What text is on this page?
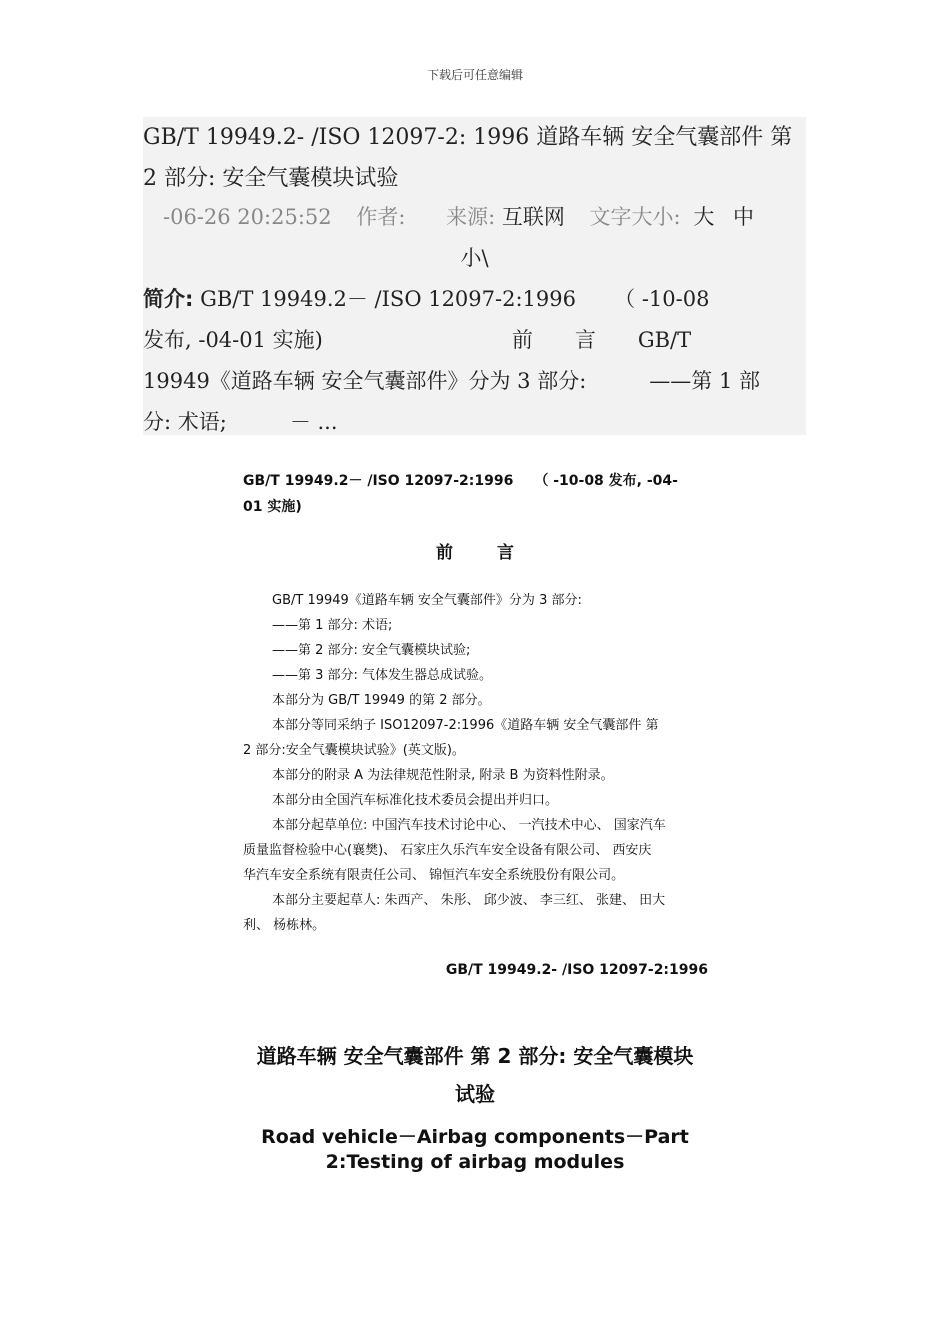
下载后可任意编辑
GB/T 19949.2- /ISO 12097-2: 1996 道路车辆 安全气囊部件 第
2 部分: 安全气囊模块试验
-06-26 20:25:52 作者: 来源: 互联网 文字大小: 大 中
小\
简介: GB/T 19949.2－ /ISO 12097-2:1996 　　（ -10-08
发布, -04-01 实施)　　　　　　　　　前　　言　　GB/T
19949《道路车辆 安全气囊部件》分为 3 部分:　　　——第 1 部
分: 术语;　　　－ ...
GB/T 19949.2－ /ISO 12097-2:1996　　（ -10-08 发布, -04-
01 实施)
前言
GB/T 19949《道路车辆 安全气囊部件》分为 3 部分:
——第 1 部分: 术语;
——第 2 部分: 安全气囊模块试验;
——第 3 部分: 气体发生器总成试验。
本部分为 GB/T 19949 的第 2 部分。
本部分等同采纳子 ISO12097-2:1996《道路车辆 安全气囊部件 第
2 部分:安全气囊模块试验》(英文版)。
本部分的附录 A 为法律规范性附录, 附录 B 为资料性附录。
本部分由全国汽车标准化技术委员会提出并归口。
本部分起草单位: 中国汽车技术讨论中心、 一汽技术中心、 国家汽车
质量监督检验中心(襄樊)、 石家庄久乐汽车安全设备有限公司、 西安庆
华汽车安全系统有限责任公司、 锦恒汽车安全系统股份有限公司。
本部分主要起草人: 朱西产、 朱彤、 邱少波、 李三红、 张建、 田大
利、 杨栋林。
GB/T 19949.2- /ISO 12097-2:1996
道路车辆 安全气囊部件 第 2 部分: 安全气囊模块
试验
Road vehicle－Airbag components－Part
2:Testing of airbag modules
